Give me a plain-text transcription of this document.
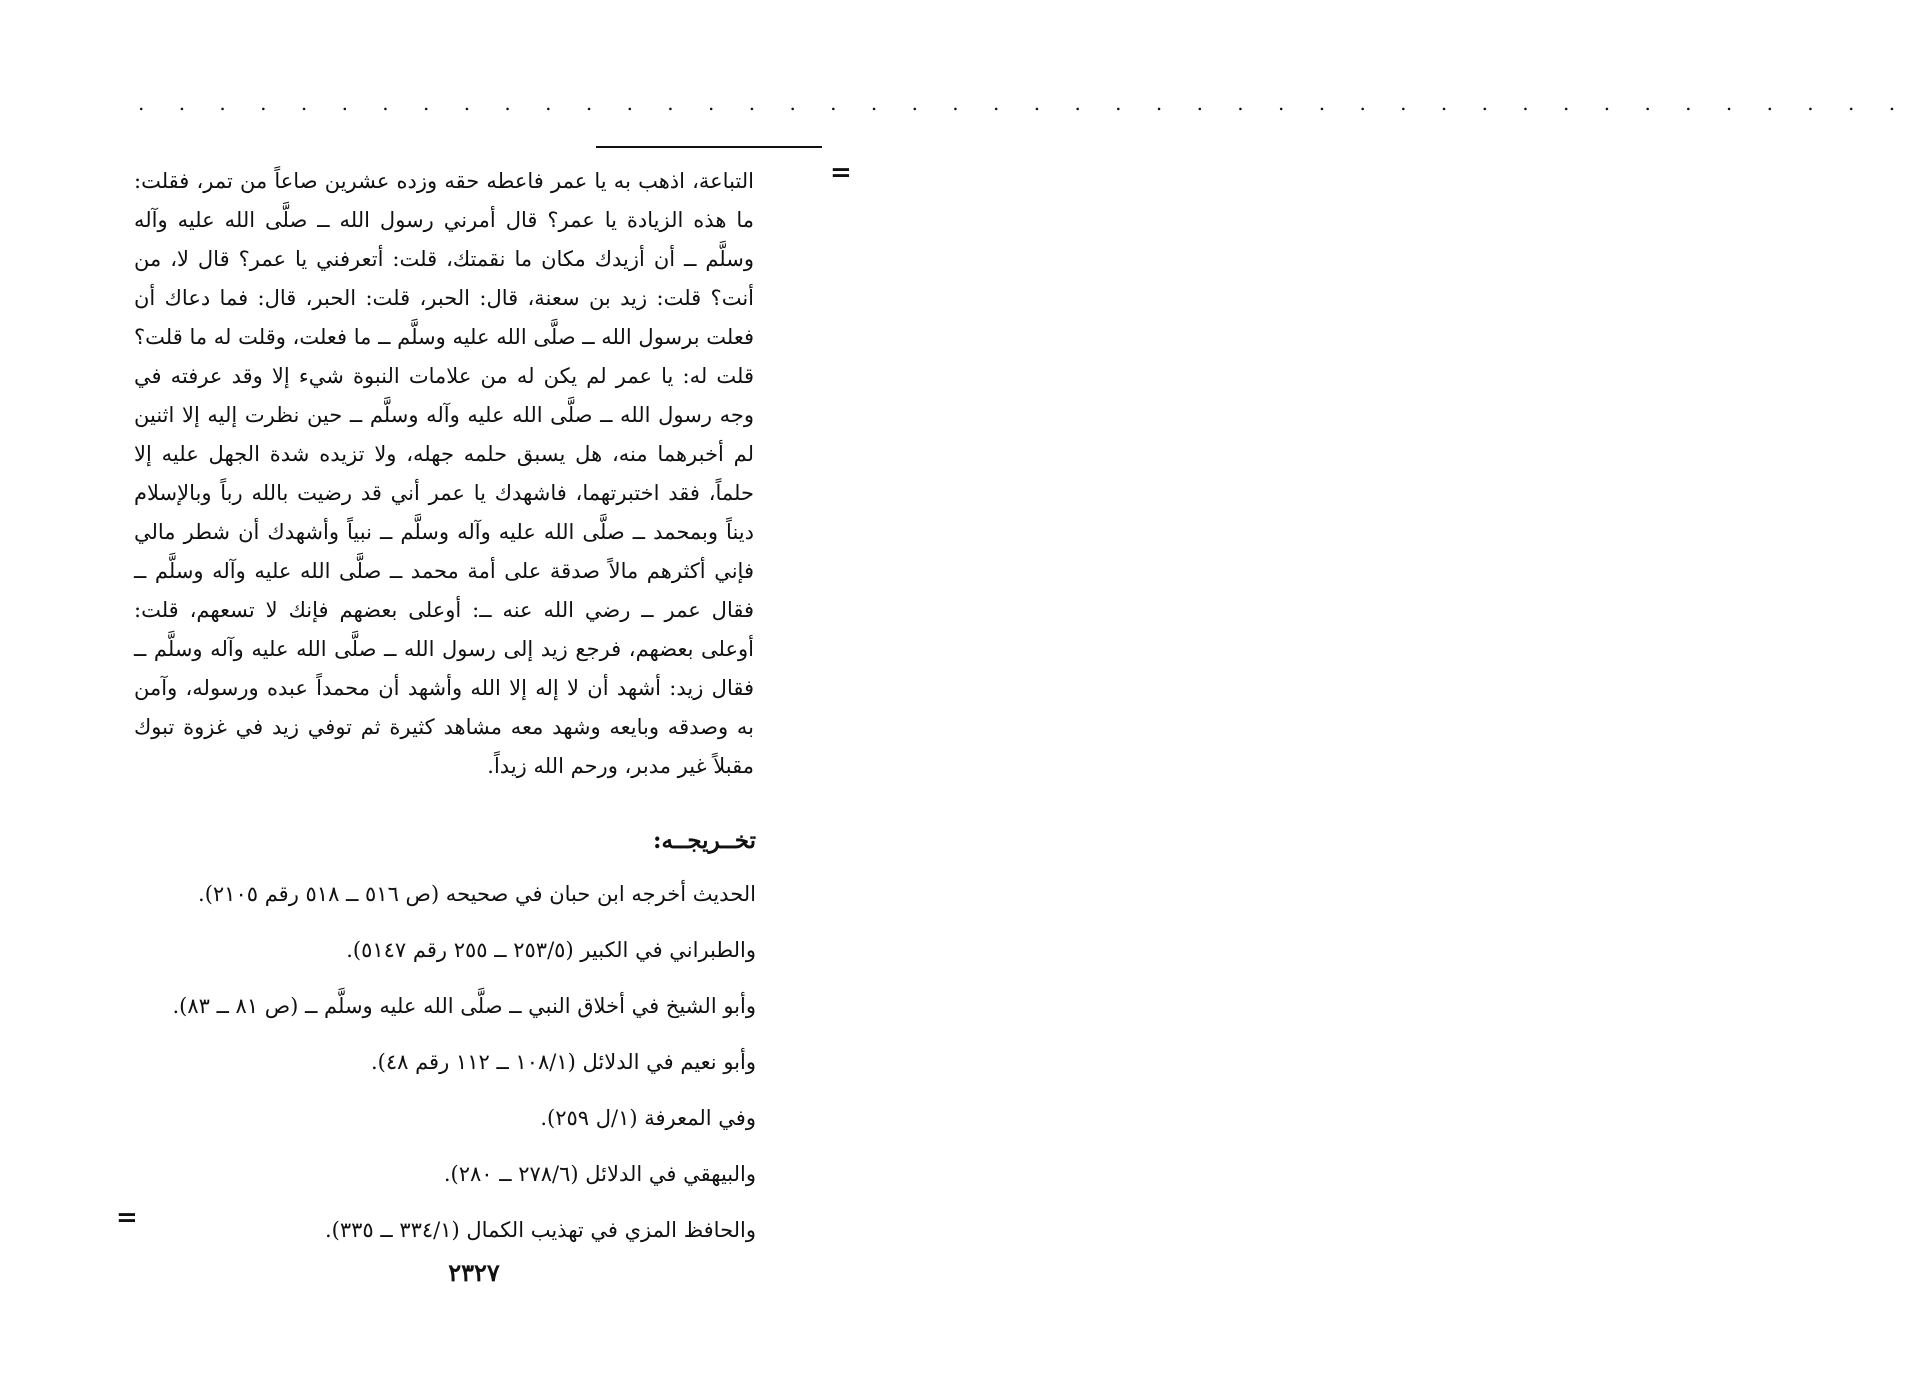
. . . . . . . . . . . . . . . . . . . . . . . . . . . . . . . . . . . . . . . . . . . .
=

التباعة، اذهب به يا عمر فاعطه حقه وزده عشرين صاعاً من تمر، فقلت: ما هذه الزيادة يا عمر؟ قال أمرني رسول الله ــ صلَّى الله عليه وآله وسلَّم ــ أن أزيدك مكان ما نقمتك، قلت: أتعرفني يا عمر؟ قال لا، من أنت؟ قلت: زيد بن سعنة، قال: الحبر، قلت: الحبر، قال: فما دعاك أن فعلت برسول الله ــ صلَّى الله عليه وسلَّم ــ ما فعلت، وقلت له ما قلت؟ قلت له: يا عمر لم يكن له من علامات النبوة شيء إلا وقد عرفته في وجه رسول الله ــ صلَّى الله عليه وآله وسلَّم ــ حين نظرت إليه إلا اثنين لم أخبرهما منه، هل يسبق حلمه جهله، ولا تزيده شدة الجهل عليه إلا حلماً، فقد اختبرتهما، فاشهدك يا عمر أني قد رضيت بالله رباً وبالإسلام ديناً وبمحمد ــ صلَّى الله عليه وآله وسلَّم ــ نبياً وأشهدك أن شطر مالي فإني أكثرهم مالاً صدقة على أمة محمد ــ صلَّى الله عليه وآله وسلَّم ــ فقال عمر ــ رضي الله عنه ــ: أوعلى بعضهم فإنك لا تسعهم، قلت: أوعلى بعضهم، فرجع زيد إلى رسول الله ــ صلَّى الله عليه وآله وسلَّم ــ فقال زيد: أشهد أن لا إله إلا الله وأشهد أن محمداً عبده ورسوله، وآمن به وصدقه وبايعه وشهد معه مشاهد كثيرة ثم توفي زيد في غزوة تبوك مقبلاً غير مدبر، ورحم الله زيداً.

تخــريجــه:
الحديث أخرجه ابن حبان في صحيحه (ص ٥١٦ ــ ٥١٨ رقم ٢١٠٥).
والطبراني في الكبير (٢٥٣/٥ ــ ٢٥٥ رقم ٥١٤٧).
وأبو الشيخ في أخلاق النبي ــ صلَّى الله عليه وسلَّم ــ (ص ٨١ ــ ٨٣).
وأبو نعيم في الدلائل (١٠٨/١ ــ ١١٢ رقم ٤٨).
وفي المعرفة (١/ل ٢٥٩).
والبيهقي في الدلائل (٢٧٨/٦ ــ ٢٨٠).
والحافظ المزي في تهذيب الكمال (٣٣٤/١ ــ ٣٣٥).
=
٢٣٢٧
